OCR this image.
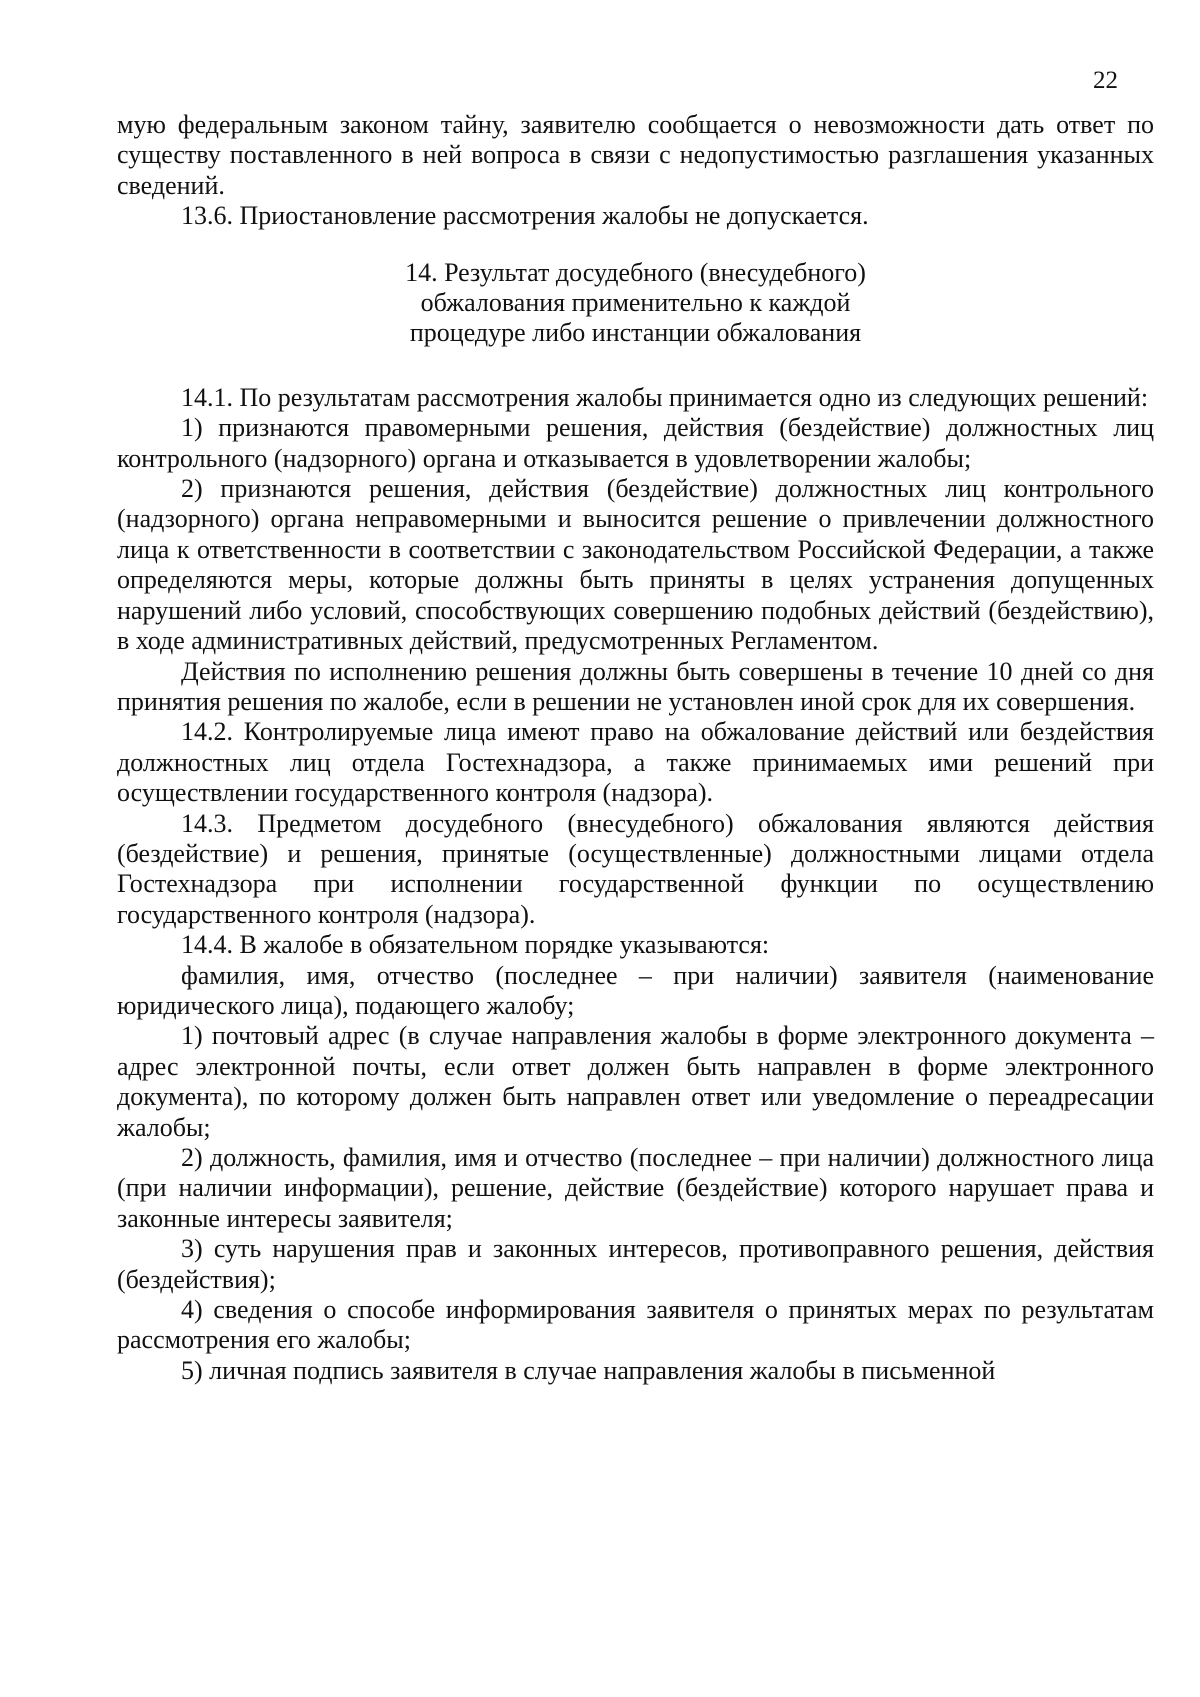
22

мую федеральным законом тайну, заявителю сообщается о невозможности дать ответ по существу поставленного в ней вопроса в связи с недопустимостью разглашения указанных сведений.

13.6. Приостановление рассмотрения жалобы не допускается.

14. Результат досудебного (внесудебного)
обжалования применительно к каждой
процедуре либо инстанции обжалования

14.1. По результатам рассмотрения жалобы принимается одно из следующих решений:

1) признаются правомерными решения, действия (бездействие) должностных лиц контрольного (надзорного) органа и отказывается в удовлетворении жалобы;

2) признаются решения, действия (бездействие) должностных лиц контрольного (надзорного) органа неправомерными и выносится решение о привлечении должностного лица к ответственности в соответствии с законодательством Российской Федерации, а также определяются меры, которые должны быть приняты в целях устранения допущенных нарушений либо условий, способствующих совершению подобных действий (бездействию), в ходе административных действий, предусмотренных Регламентом.

Действия по исполнению решения должны быть совершены в течение 10 дней со дня принятия решения по жалобе, если в решении не установлен иной срок для их совершения.

14.2. Контролируемые лица имеют право на обжалование действий или бездействия должностных лиц отдела Гостехнадзора, а также принимаемых ими решений при осуществлении государственного контроля (надзора).

14.3. Предметом досудебного (внесудебного) обжалования являются действия (бездействие) и решения, принятые (осуществленные) должностными лицами отдела Гостехнадзора при исполнении государственной функции по осуществлению государственного контроля (надзора).

14.4. В жалобе в обязательном порядке указываются:

фамилия, имя, отчество (последнее – при наличии) заявителя (наименование юридического лица), подающего жалобу;

1) почтовый адрес (в случае направления жалобы в форме электронного документа – адрес электронной почты, если ответ должен быть направлен в форме электронного документа), по которому должен быть направлен ответ или уведомление о переадресации жалобы;

2) должность, фамилия, имя и отчество (последнее – при наличии) должностного лица (при наличии информации), решение, действие (бездействие) которого нарушает права и законные интересы заявителя;

3) суть нарушения прав и законных интересов, противоправного решения, действия (бездействия);

4) сведения о способе информирования заявителя о принятых мерах по результатам рассмотрения его жалобы;

5) личная подпись заявителя в случае направления жалобы в письменной
